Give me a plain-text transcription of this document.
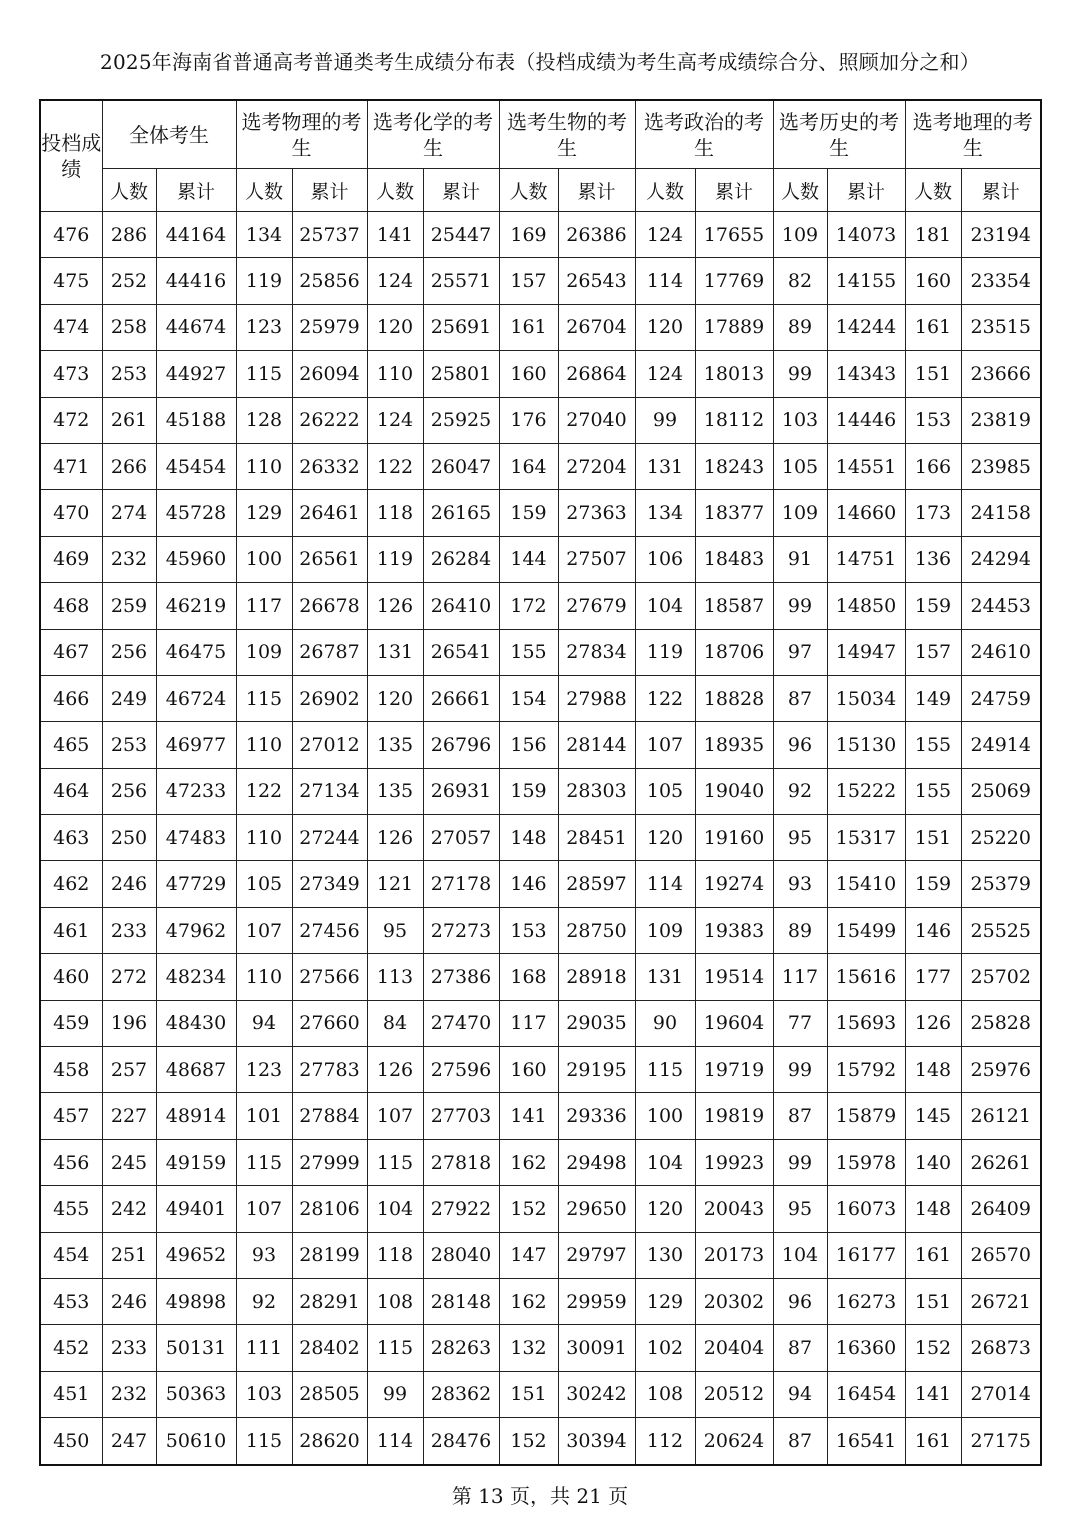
2025年海南省普通高考普通类考生成绩分布表（投档成绩为考生高考成绩综合分、照顾加分之和）
投档成绩	全体考生		选考物理的考生		选考化学的考生		选考生物的考生		选考政治的考生		选考历史的考生		选考地理的考生	
	人数	累计	人数	累计	人数	累计	人数	累计	人数	累计	人数	累计	人数	累计
476	286	44164	134	25737	141	25447	169	26386	124	17655	109	14073	181	23194
475	252	44416	119	25856	124	25571	157	26543	114	17769	82	14155	160	23354
474	258	44674	123	25979	120	25691	161	26704	120	17889	89	14244	161	23515
473	253	44927	115	26094	110	25801	160	26864	124	18013	99	14343	151	23666
472	261	45188	128	26222	124	25925	176	27040	99	18112	103	14446	153	23819
471	266	45454	110	26332	122	26047	164	27204	131	18243	105	14551	166	23985
470	274	45728	129	26461	118	26165	159	27363	134	18377	109	14660	173	24158
469	232	45960	100	26561	119	26284	144	27507	106	18483	91	14751	136	24294
468	259	46219	117	26678	126	26410	172	27679	104	18587	99	14850	159	24453
467	256	46475	109	26787	131	26541	155	27834	119	18706	97	14947	157	24610
466	249	46724	115	26902	120	26661	154	27988	122	18828	87	15034	149	24759
465	253	46977	110	27012	135	26796	156	28144	107	18935	96	15130	155	24914
464	256	47233	122	27134	135	26931	159	28303	105	19040	92	15222	155	25069
463	250	47483	110	27244	126	27057	148	28451	120	19160	95	15317	151	25220
462	246	47729	105	27349	121	27178	146	28597	114	19274	93	15410	159	25379
461	233	47962	107	27456	95	27273	153	28750	109	19383	89	15499	146	25525
460	272	48234	110	27566	113	27386	168	28918	131	19514	117	15616	177	25702
459	196	48430	94	27660	84	27470	117	29035	90	19604	77	15693	126	25828
458	257	48687	123	27783	126	27596	160	29195	115	19719	99	15792	148	25976
457	227	48914	101	27884	107	27703	141	29336	100	19819	87	15879	145	26121
456	245	49159	115	27999	115	27818	162	29498	104	19923	99	15978	140	26261
455	242	49401	107	28106	104	27922	152	29650	120	20043	95	16073	148	26409
454	251	49652	93	28199	118	28040	147	29797	130	20173	104	16177	161	26570
453	246	49898	92	28291	108	28148	162	29959	129	20302	96	16273	151	26721
452	233	50131	111	28402	115	28263	132	30091	102	20404	87	16360	152	26873
451	232	50363	103	28505	99	28362	151	30242	108	20512	94	16454	141	27014
450	247	50610	115	28620	114	28476	152	30394	112	20624	87	16541	161	27175
第 13 页，共 21 页
